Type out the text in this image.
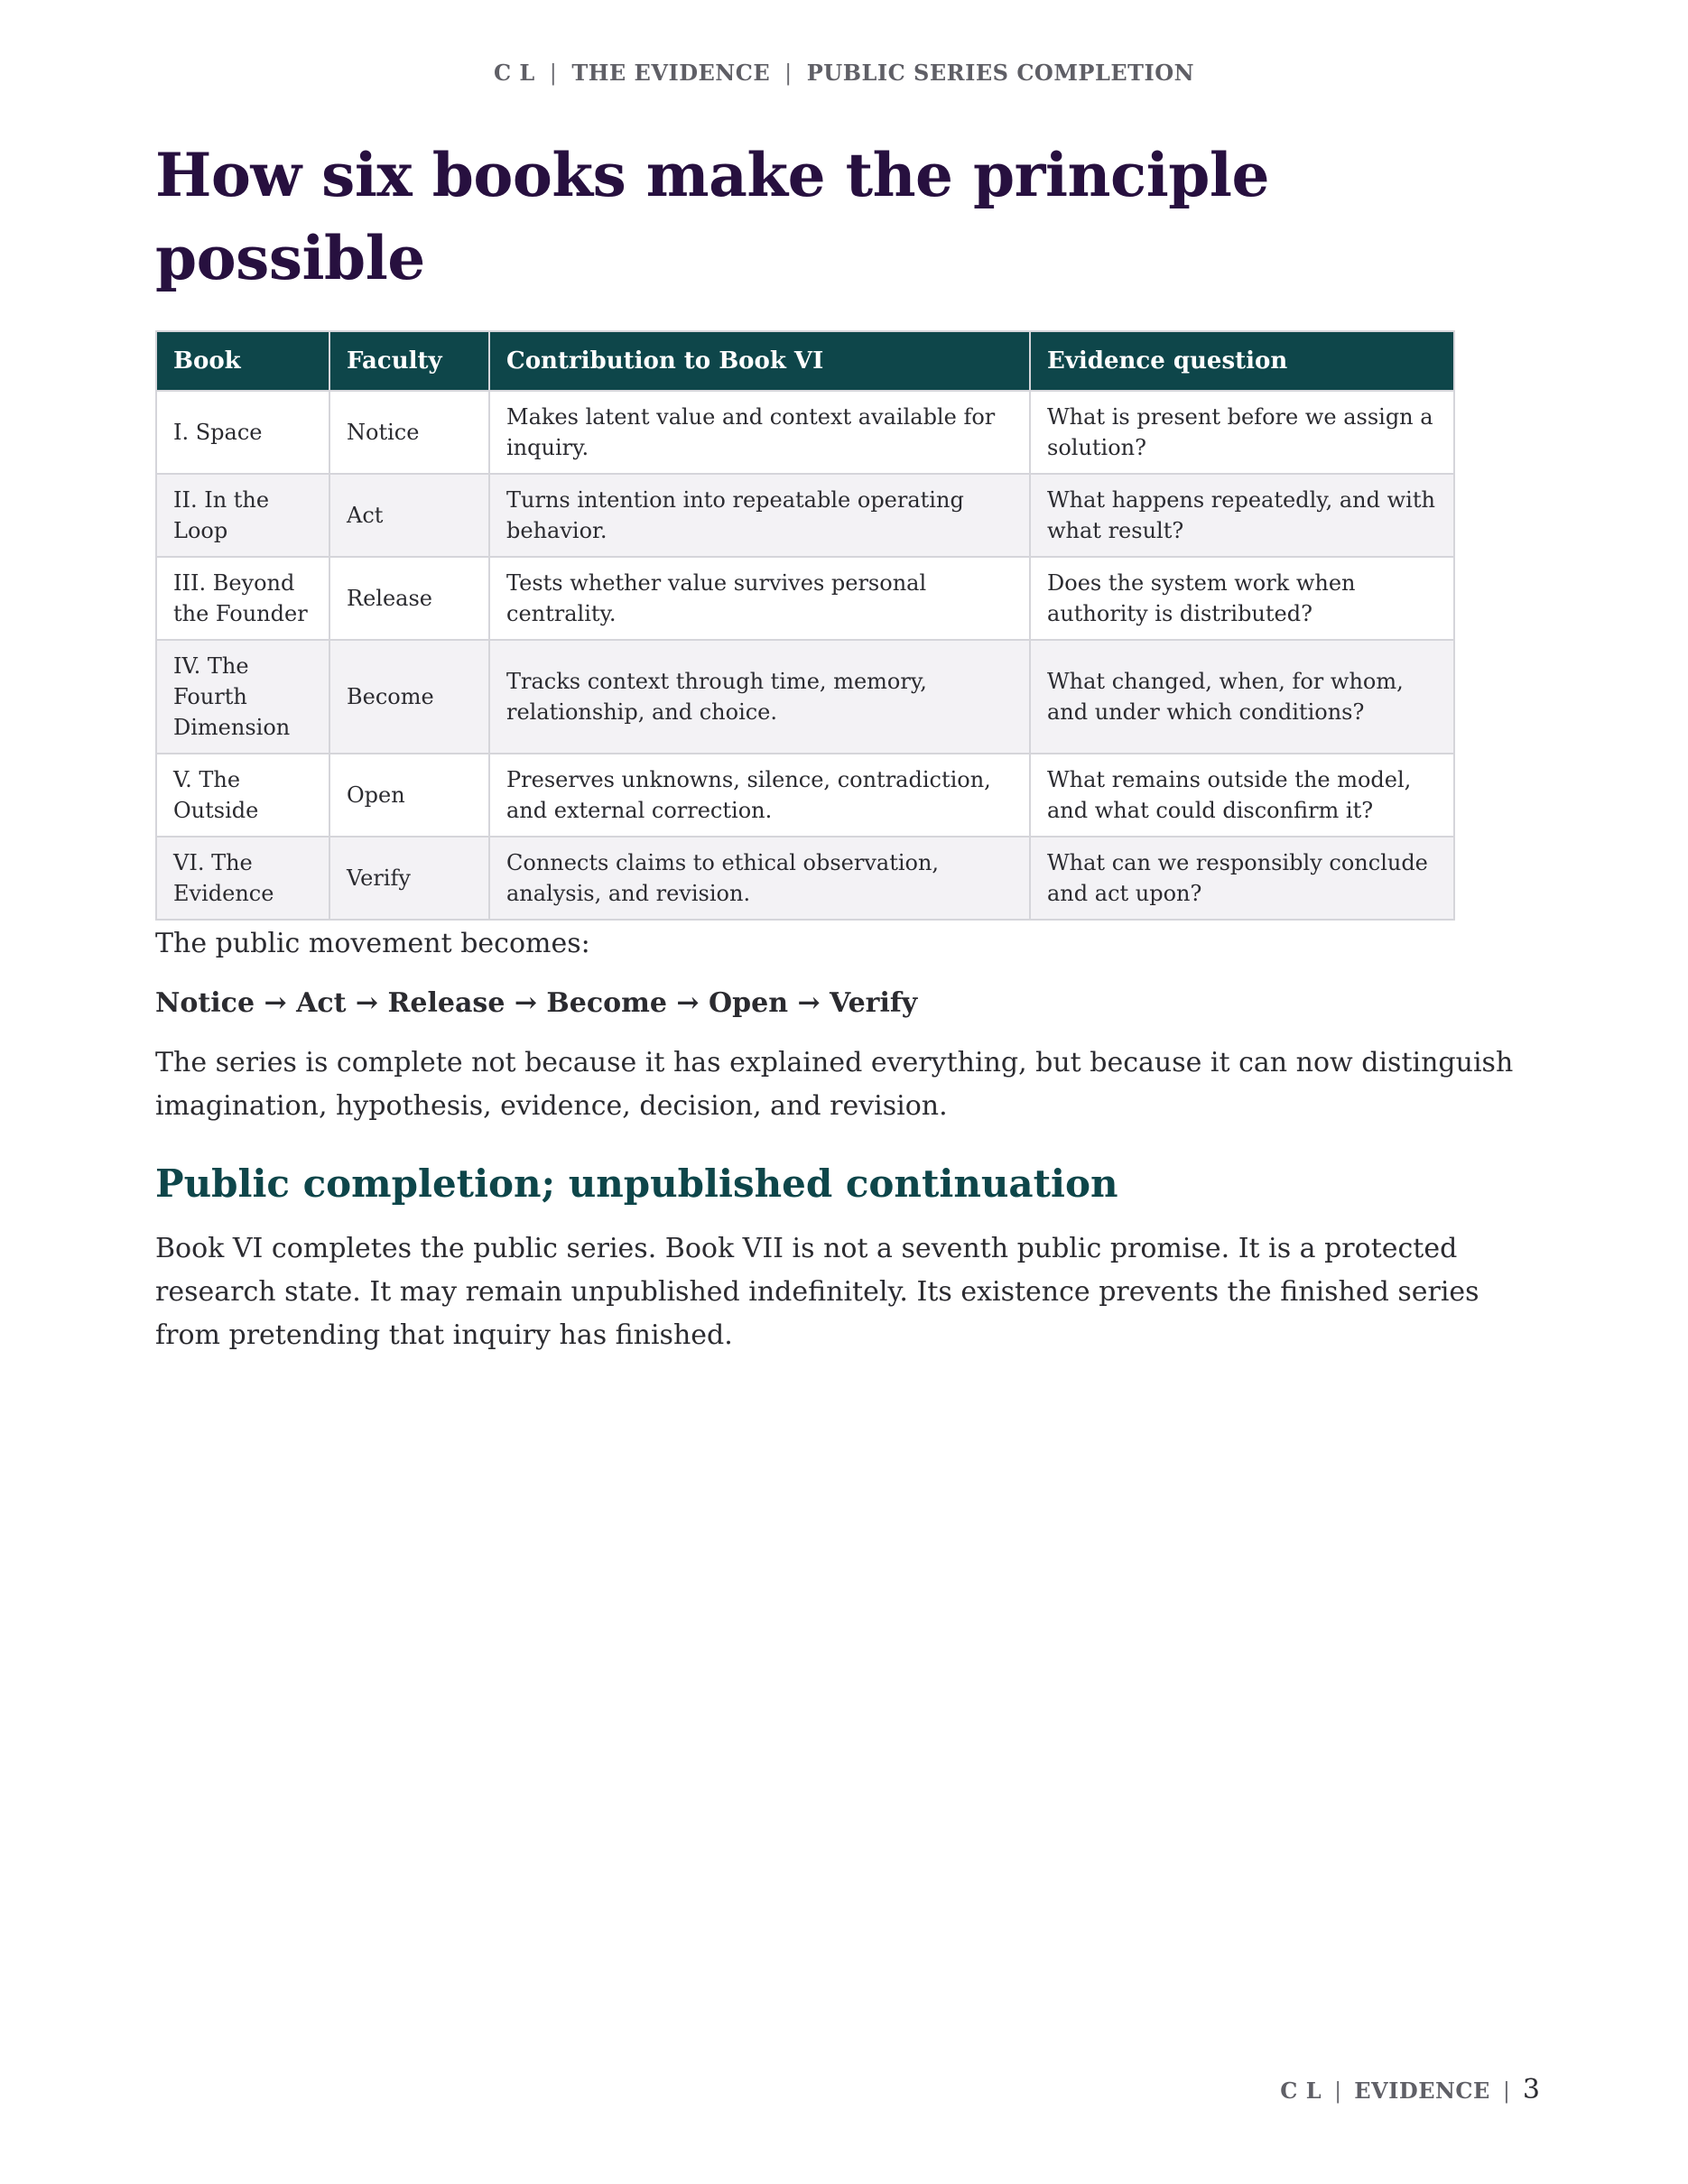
C L | THE EVIDENCE | PUBLIC SERIES COMPLETION
How six books make the principle possible
Book	Faculty	Contribution to Book VI	Evidence question
I. Space	Notice	Makes latent value and context available for inquiry.	What is present before we assign a solution?
II. In the Loop	Act	Turns intention into repeatable operating behavior.	What happens repeatedly, and with what result?
III. Beyond the Founder	Release	Tests whether value survives personal centrality.	Does the system work when authority is distributed?
IV. The Fourth Dimension	Become	Tracks context through time, memory, relationship, and choice.	What changed, when, for whom, and under which conditions?
V. The Outside	Open	Preserves unknowns, silence, contradiction, and external correction.	What remains outside the model, and what could disconfirm it?
VI. The Evidence	Verify	Connects claims to ethical observation, analysis, and revision.	What can we responsibly conclude and act upon?

The public movement becomes:

Notice → Act → Release → Become → Open → Verify

The series is complete not because it has explained everything, but because it can now distinguish imagination, hypothesis, evidence, decision, and revision.

Public completion; unpublished continuation

Book VI completes the public series. Book VII is not a seventh public promise. It is a protected research state. It may remain unpublished indefinitely. Its existence prevents the finished series from pretending that inquiry has finished.

C L | EVIDENCE | 3
